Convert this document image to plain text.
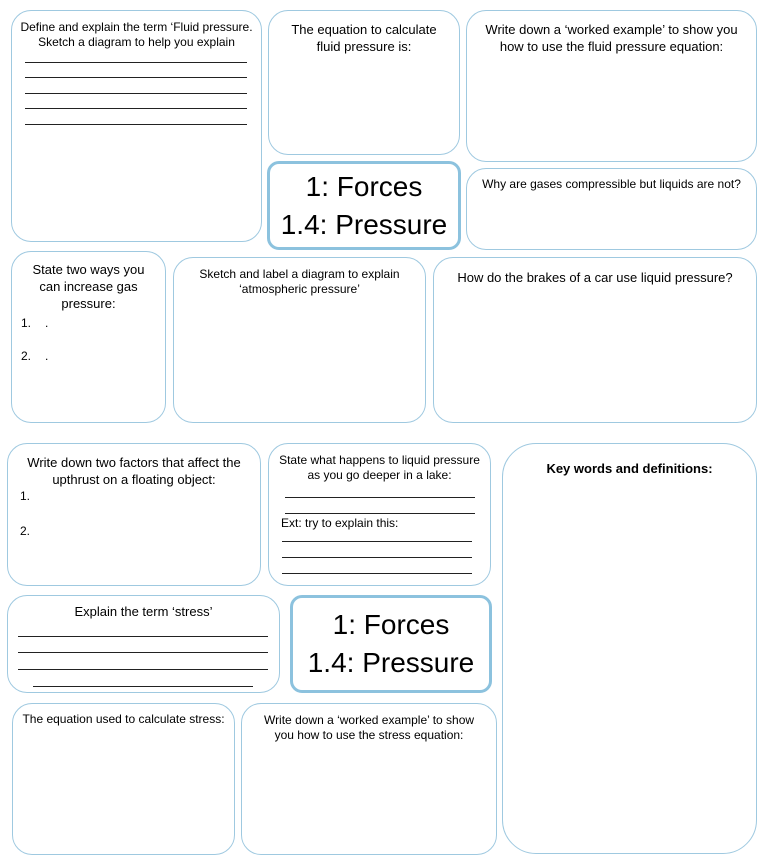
Define and explain the term ‘Fluid pressure. Sketch a diagram to help you explain
The equation to calculate fluid pressure is:
Write down a ‘worked example’ to show you how to use the fluid pressure equation:
1: Forces
1.4: Pressure
Why are gases compressible but liquids are not?
State two ways you can increase gas pressure:
1. .
2. .
Sketch and label a diagram to explain ‘atmospheric pressure’
How do the brakes of a car use liquid pressure?
Write down two factors that affect the upthrust on a floating object:
1.
2.
State what happens to liquid pressure as you go deeper in a lake:
Ext: try to explain this:
Key words and definitions:
Explain the term ‘stress’	1: Forces
1.4: Pressure
The equation used to calculate stress:	Write down a ‘worked example’ to show you how to use the stress equation:
